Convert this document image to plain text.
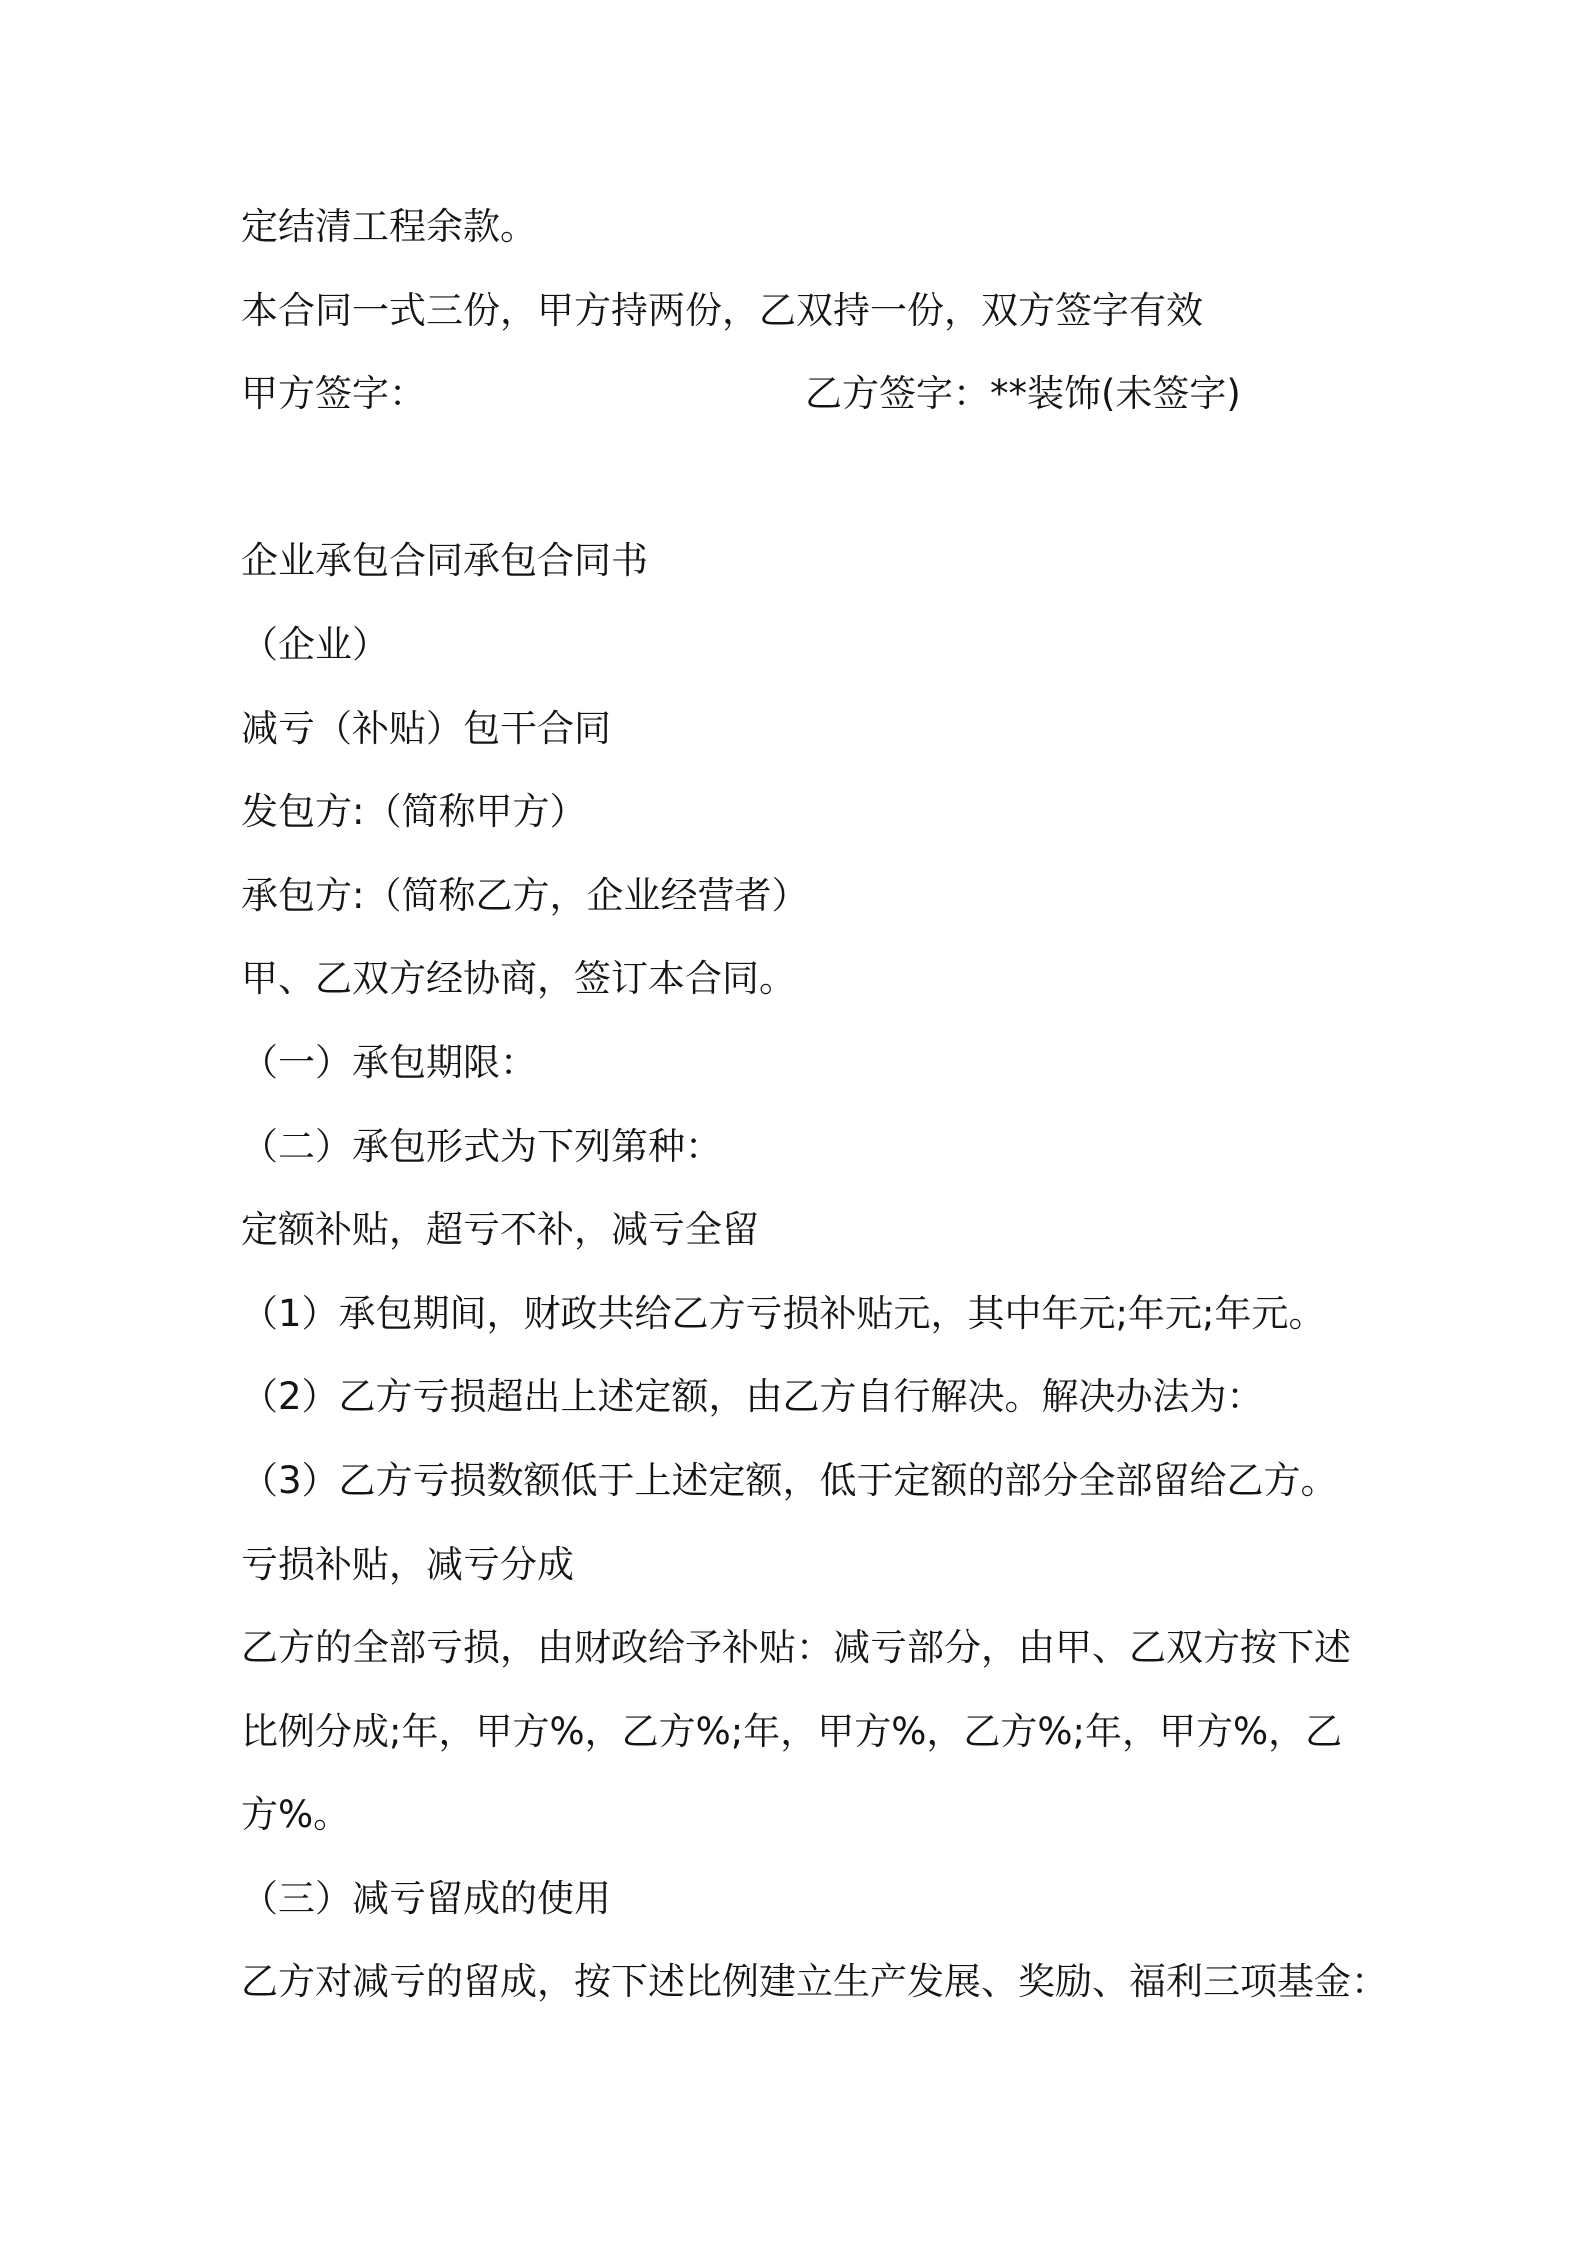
定结清工程余款。
本合同一式三份，甲方持两份，乙双持一份，双方签字有效
甲方签字：	乙方签字：**装饰(未签字)
企业承包合同承包合同书
（企业）
减亏（补贴）包干合同
发包方:（简称甲方）
承包方:（简称乙方，企业经营者）
甲、乙双方经协商，签订本合同。
（一）承包期限：
（二）承包形式为下列第种：
定额补贴，超亏不补，减亏全留
（1）承包期间，财政共给乙方亏损补贴元，其中年元;年元;年元。
（2）乙方亏损超出上述定额，由乙方自行解决。解决办法为：
（3）乙方亏损数额低于上述定额，低于定额的部分全部留给乙方。
亏损补贴，减亏分成
乙方的全部亏损，由财政给予补贴：减亏部分，由甲、乙双方按下述
比例分成;年，甲方%，乙方%;年，甲方%，乙方%;年，甲方%，乙
方%。
（三）减亏留成的使用
乙方对减亏的留成，按下述比例建立生产发展、奖励、福利三项基金：
